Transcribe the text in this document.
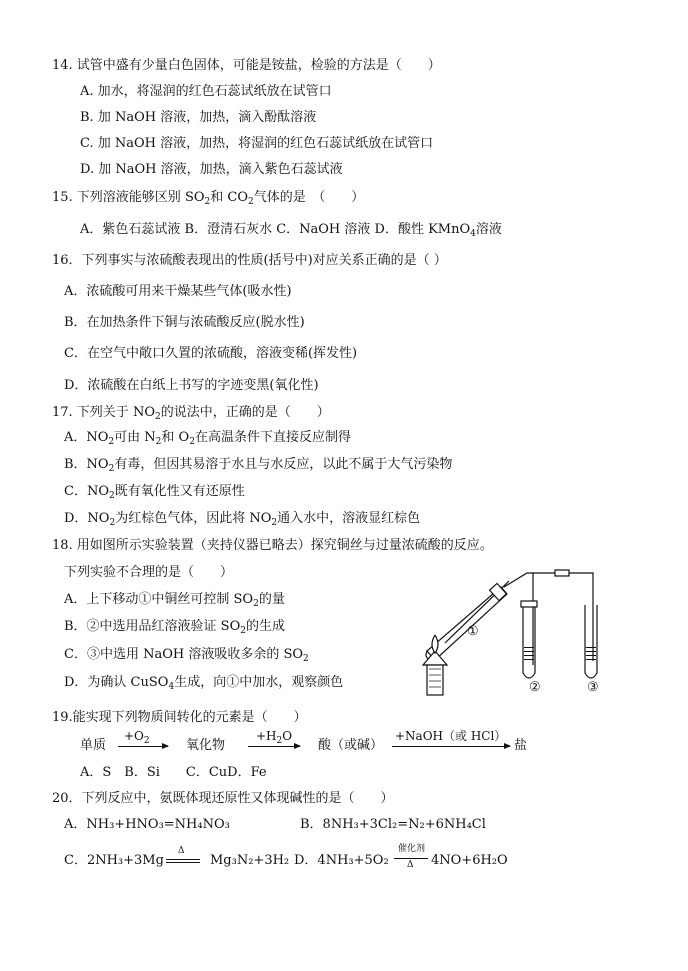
14. 试管中盛有少量白色固体，可能是铵盐，检验的方法是（　　）
A. 加水，将湿润的红色石蕊试纸放在试管口
B. 加 NaOH 溶液，加热，滴入酚酞溶液
C. 加 NaOH 溶液，加热，将湿润的红色石蕊试纸放在试管口
D. 加 NaOH 溶液，加热，滴入紫色石蕊试液
15. 下列溶液能够区别 $SO_2$和 $CO_2$气体的是　（　　）
A．紫色石蕊试液 B．澄清石灰水 C．NaOH 溶液 D．酸性 KMnO$_4$溶液
16．下列事实与浓硫酸表现出的性质(括号中)对应关系正确的是（ ）
A．浓硫酸可用来干燥某些气体(吸水性)
B．在加热条件下铜与浓硫酸反应(脱水性)
C．在空气中敞口久置的浓硫酸，溶液变稀(挥发性)
D．浓硫酸在白纸上书写的字迹变黑(氧化性)
17. 下列关于 $NO_2$的说法中，正确的是（　　）
A．$NO_2$可由 $N_2$和 $O_2$在高温条件下直接反应制得
B．$NO_2$有毒，但因其易溶于水且与水反应，以此不属于大气污染物
C．$NO_2$既有氧化性又有还原性
D．$NO_2$为红棕色气体，因此将 $NO_2$通入水中，溶液显红棕色
18. 用如图所示实验装置（夹持仪器已略去）探究铜丝与过量浓硫酸的反应。
下列实验不合理的是（　　）
A．上下移动①中铜丝可控制 $SO_2$的量
B．②中选用品红溶液验证 $SO_2$的生成
C．③中选用 NaOH 溶液吸收多余的 $SO_2$
D．为确认 CuSO$_4$生成，向①中加水，观察颜色
①
②	③
19.能实现下列物质间转化的元素是（　　）
单质
$+O_2$	氧化物
$+H_2O$
酸（或碱）
+NaOH（或 HCl）
盐
A．S　B．Si　　C．CuD．Fe
20．下列反应中，氨既体现还原性又体现碱性的是（　　）
A．NH₃+HNO₃=NH₄NO₃	B．8NH₃+3Cl₂=N₂+6NH₄Cl
C．2NH₃+3Mg
Δ
Mg₃N₂+3H₂ D．4NH₃+5O₂
催化剂
Δ 4NO+6H₂O
